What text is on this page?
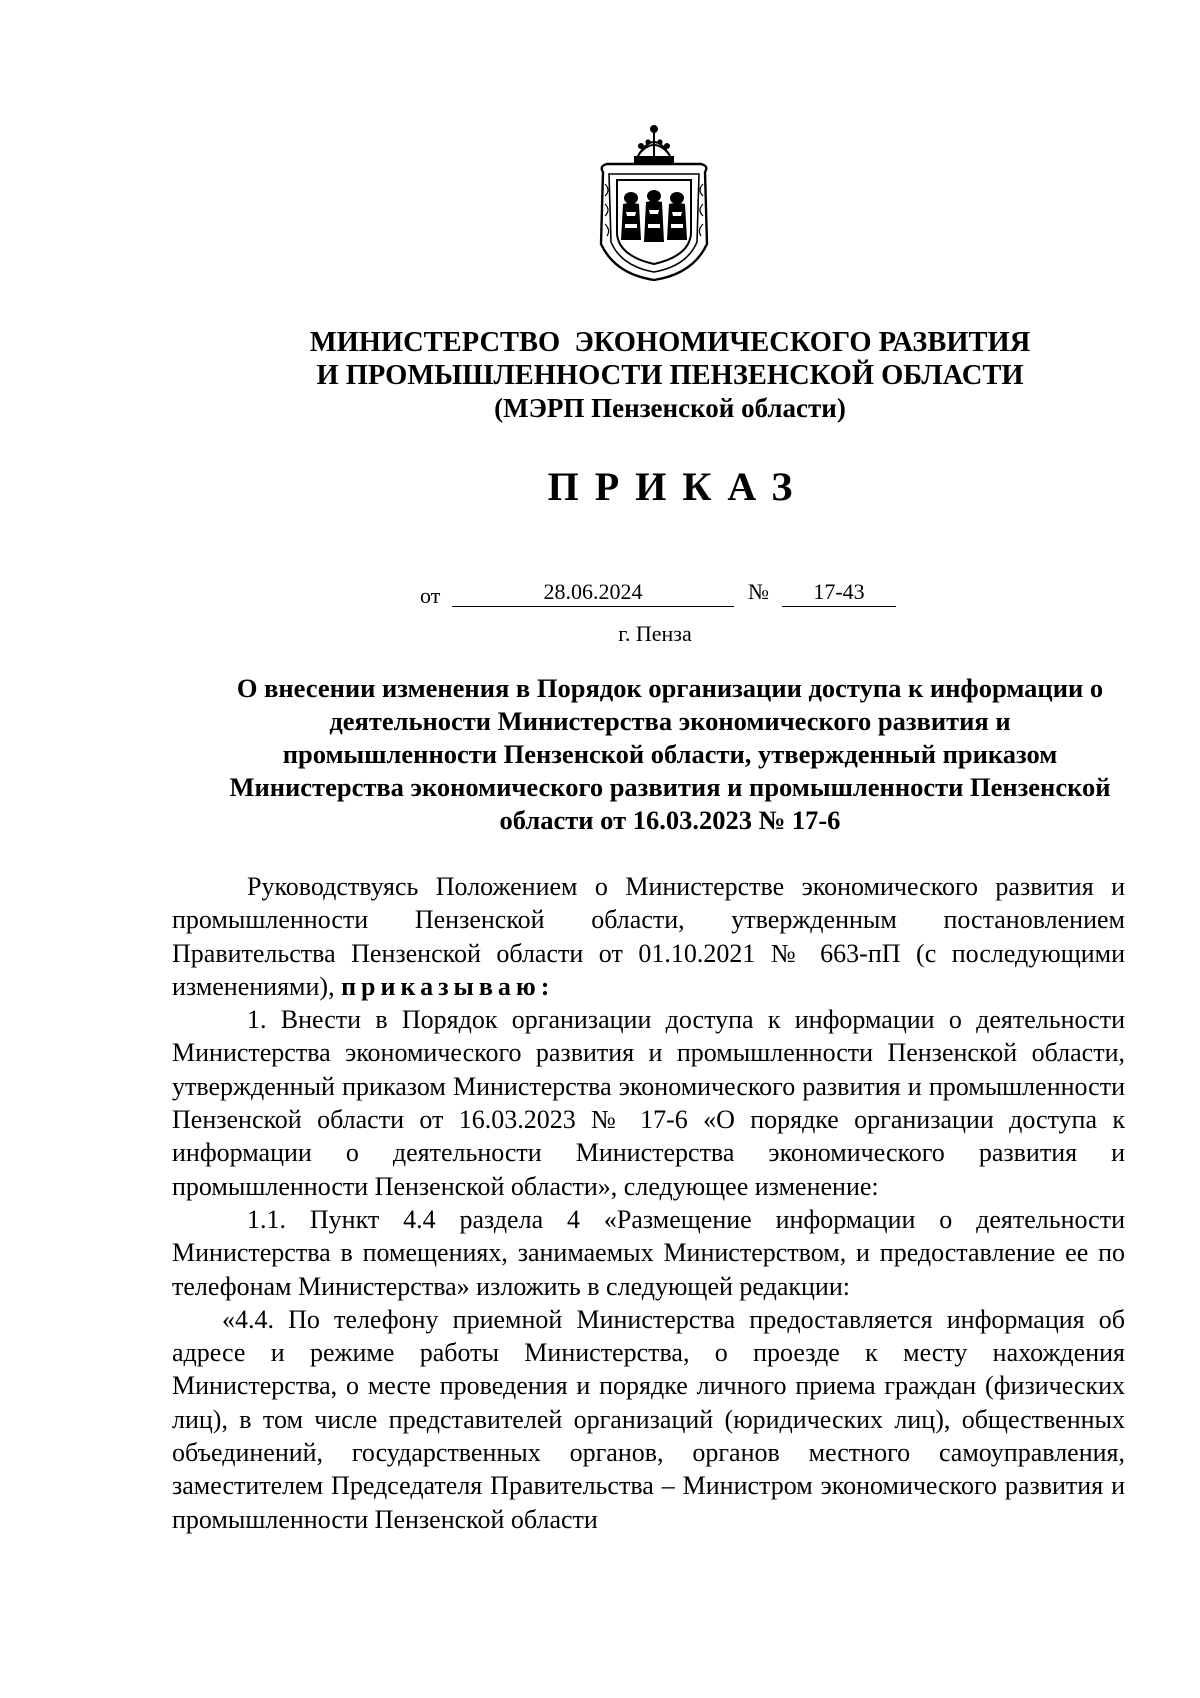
МИНИСТЕРСТВО  ЭКОНОМИЧЕСКОГО РАЗВИТИЯ
И ПРОМЫШЛЕННОСТИ ПЕНЗЕНСКОЙ ОБЛАСТИ
(МЭРП Пензенской области)
ПРИКАЗ
от	28.06.2024	№	17-43
г. Пенза
О внесении изменения в Порядок организации доступа к информации о
деятельности Министерства экономического развития и
промышленности Пензенской области, утвержденный приказом
Министерства экономического развития и промышленности Пензенской
области от 16.03.2023 № 17-6

Руководствуясь Положением о Министерстве экономического развития и промышленности Пензенской области, утвержденным постановлением Правительства Пензенской области от 01.10.2021 № 663-пП (с последующими изменениями), приказываю:

1. Внести в Порядок организации доступа к информации о деятельности Министерства экономического развития и промышленности Пензенской области, утвержденный приказом Министерства экономического развития и промышленности Пензенской области от 16.03.2023 № 17-6 «О порядке организации доступа к информации о деятельности Министерства экономического развития и промышленности Пензенской области», следующее изменение:

1.1. Пункт 4.4 раздела 4 «Размещение информации о деятельности Министерства в помещениях, занимаемых Министерством, и предоставление ее по телефонам Министерства» изложить в следующей редакции:

«4.4. По телефону приемной Министерства предоставляется информация об адресе и режиме работы Министерства, о проезде к месту нахождения Министерства, о месте проведения и порядке личного приема граждан (физических лиц), в том числе представителей организаций (юридических лиц), общественных объединений, государственных органов, органов местного самоуправления, заместителем Председателя Правительства – Министром экономического развития и промышленности Пензенской области
